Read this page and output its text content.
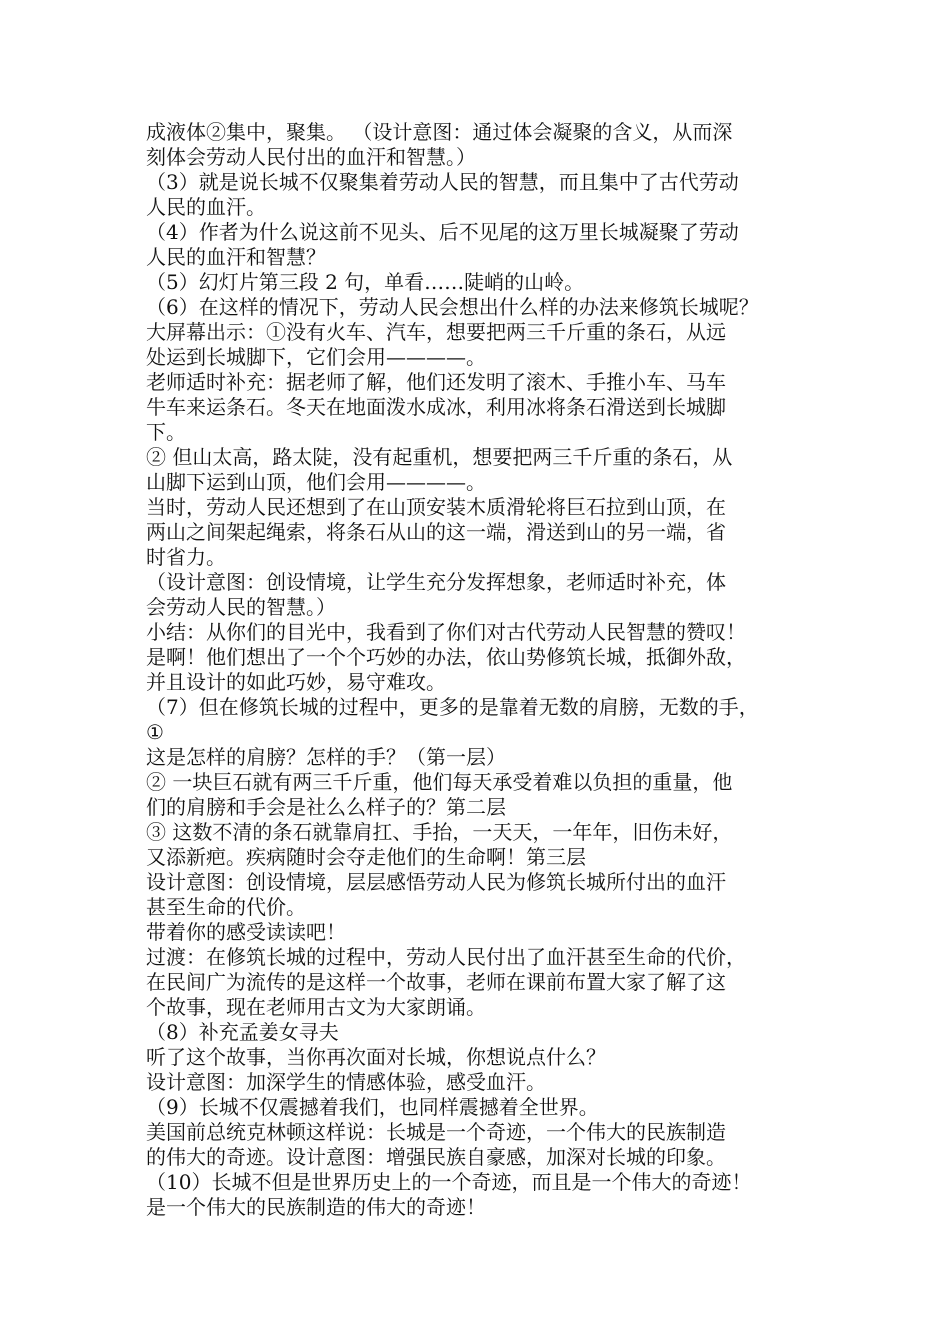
成液体②集中，聚集。 （设计意图：通过体会凝聚的含义，从而深
刻体会劳动人民付出的血汗和智慧。）
（3）就是说长城不仅聚集着劳动人民的智慧，而且集中了古代劳动
人民的血汗。
（4）作者为什么说这前不见头、后不见尾的这万里长城凝聚了劳动
人民的血汗和智慧？
（5）幻灯片第三段 2 句，单看……陡峭的山岭。
（6）在这样的情况下，劳动人民会想出什么样的办法来修筑长城呢？
大屏幕出示：①没有火车、汽车，想要把两三千斤重的条石，从远
处运到长城脚下，它们会用————。
老师适时补充：据老师了解，他们还发明了滚木、手推小车、马车
牛车来运条石。冬天在地面泼水成冰，利用冰将条石滑送到长城脚
下。
② 但山太高，路太陡，没有起重机，想要把两三千斤重的条石，从
山脚下运到山顶，他们会用————。
当时，劳动人民还想到了在山顶安装木质滑轮将巨石拉到山顶，在
两山之间架起绳索，将条石从山的这一端，滑送到山的另一端，省
时省力。
（设计意图：创设情境，让学生充分发挥想象，老师适时补充，体
会劳动人民的智慧。）
小结：从你们的目光中，我看到了你们对古代劳动人民智慧的赞叹！
是啊！他们想出了一个个巧妙的办法，依山势修筑长城，抵御外敌，
并且设计的如此巧妙，易守难攻。
（7）但在修筑长城的过程中，更多的是靠着无数的肩膀，无数的手，
①
这是怎样的肩膀？怎样的手？（第一层）
② 一块巨石就有两三千斤重，他们每天承受着难以负担的重量，他
们的肩膀和手会是社么么样子的？第二层
③ 这数不清的条石就靠肩扛、手抬，一天天，一年年，旧伤未好，
又添新疤。疾病随时会夺走他们的生命啊！第三层
设计意图：创设情境，层层感悟劳动人民为修筑长城所付出的血汗
甚至生命的代价。
带着你的感受读读吧！
过渡：在修筑长城的过程中，劳动人民付出了血汗甚至生命的代价，
在民间广为流传的是这样一个故事，老师在课前布置大家了解了这
个故事，现在老师用古文为大家朗诵。
（8）补充孟姜女寻夫
听了这个故事，当你再次面对长城，你想说点什么？
设计意图：加深学生的情感体验，感受血汗。
（9）长城不仅震撼着我们，也同样震撼着全世界。
美国前总统克林顿这样说：长城是一个奇迹，一个伟大的民族制造
的伟大的奇迹。设计意图：增强民族自豪感，加深对长城的印象。
（10）长城不但是世界历史上的一个奇迹，而且是一个伟大的奇迹！
是一个伟大的民族制造的伟大的奇迹！
